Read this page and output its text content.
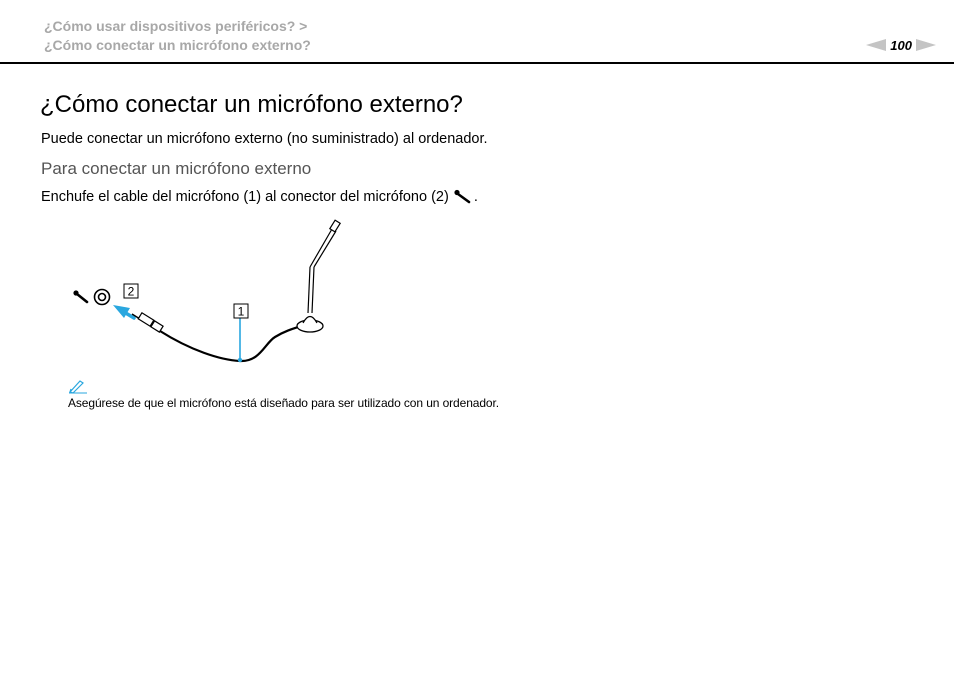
¿Cómo usar dispositivos periféricos? >
¿Cómo conectar un micrófono externo?	100
¿Cómo conectar un micrófono externo?
Puede conectar un micrófono externo (no suministrado) al ordenador.
Para conectar un micrófono externo
Enchufe el cable del micrófono (1) al conector del micrófono (2) .
2
1
Asegúrese de que el micrófono está diseñado para ser utilizado con un ordenador.
